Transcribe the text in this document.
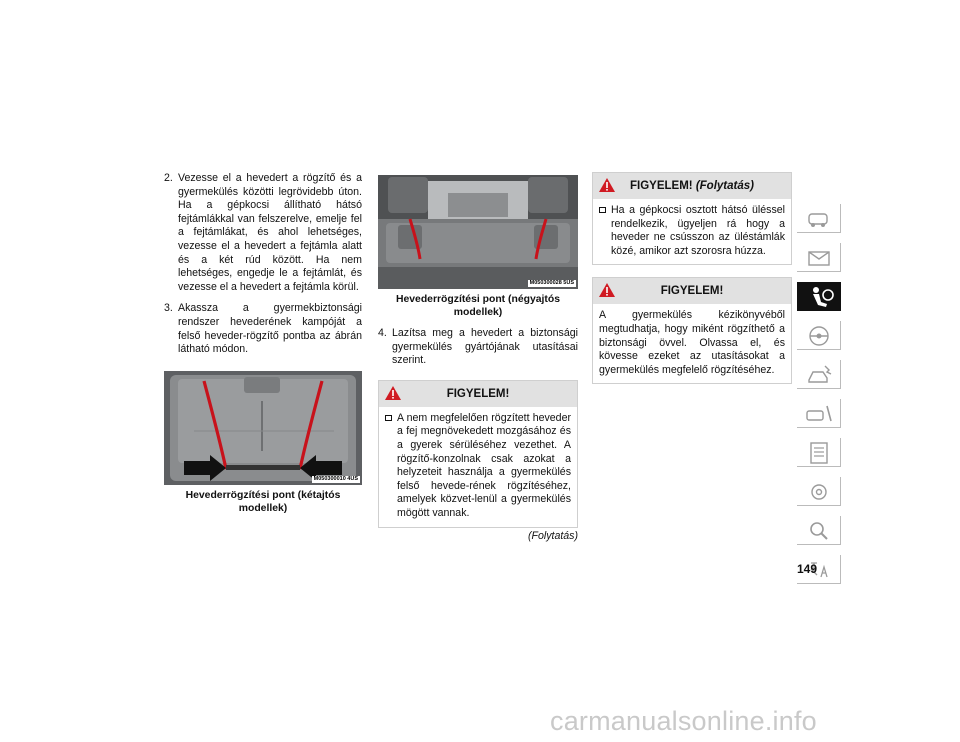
2. Vezesse el a hevedert a rögzítő és a gyermekülés közötti legrövidebb úton. Ha a gépkocsi állítható hátsó fejtámlákkal van felszerelve, emelje fel a fejtámlákat, és ahol lehetséges, vezesse el a hevedert a fejtámla alatt és a két rúd között. Ha nem lehetséges, engedje le a fejtámlát, és vezesse el a hevedert a fejtámla körül.
3. Akassza a gyermekbiztonsági rendszer hevederének kampóját a felső heveder-rögzítő pontba az ábrán látható módon.
M050300010 4US
Hevederrögzítési pont (kétajtós modellek)
M050300028 5US
Hevederrögzítési pont (négyajtós modellek)
4. Lazítsa meg a hevedert a biztonsági gyermekülés gyártójának utasításai szerint.
FIGYELEM!
A nem megfelelően rögzített heveder a fej megnövekedett mozgásához és a gyerek sérüléséhez vezethet. A rögzítő-konzolnak csak azokat a helyzeteit használja a gyermekülés felső hevede-rének rögzítéséhez, amelyek közvet-lenül a gyermekülés mögött vannak.
(Folytatás)
FIGYELEM! (Folytatás)
Ha a gépkocsi osztott hátsó üléssel rendelkezik, ügyeljen rá hogy a heveder ne csússzon az üléstámlák közé, amikor azt szorosra húzza.
FIGYELEM!
A gyermekülés kézikönyvéből megtudhatja, hogy miként rögzíthető a biztonsági övvel. Olvassa el, és kövesse ezeket az utasításokat a gyermekülés megfelelő rögzítéséhez.
149
carmanualsonline.info
